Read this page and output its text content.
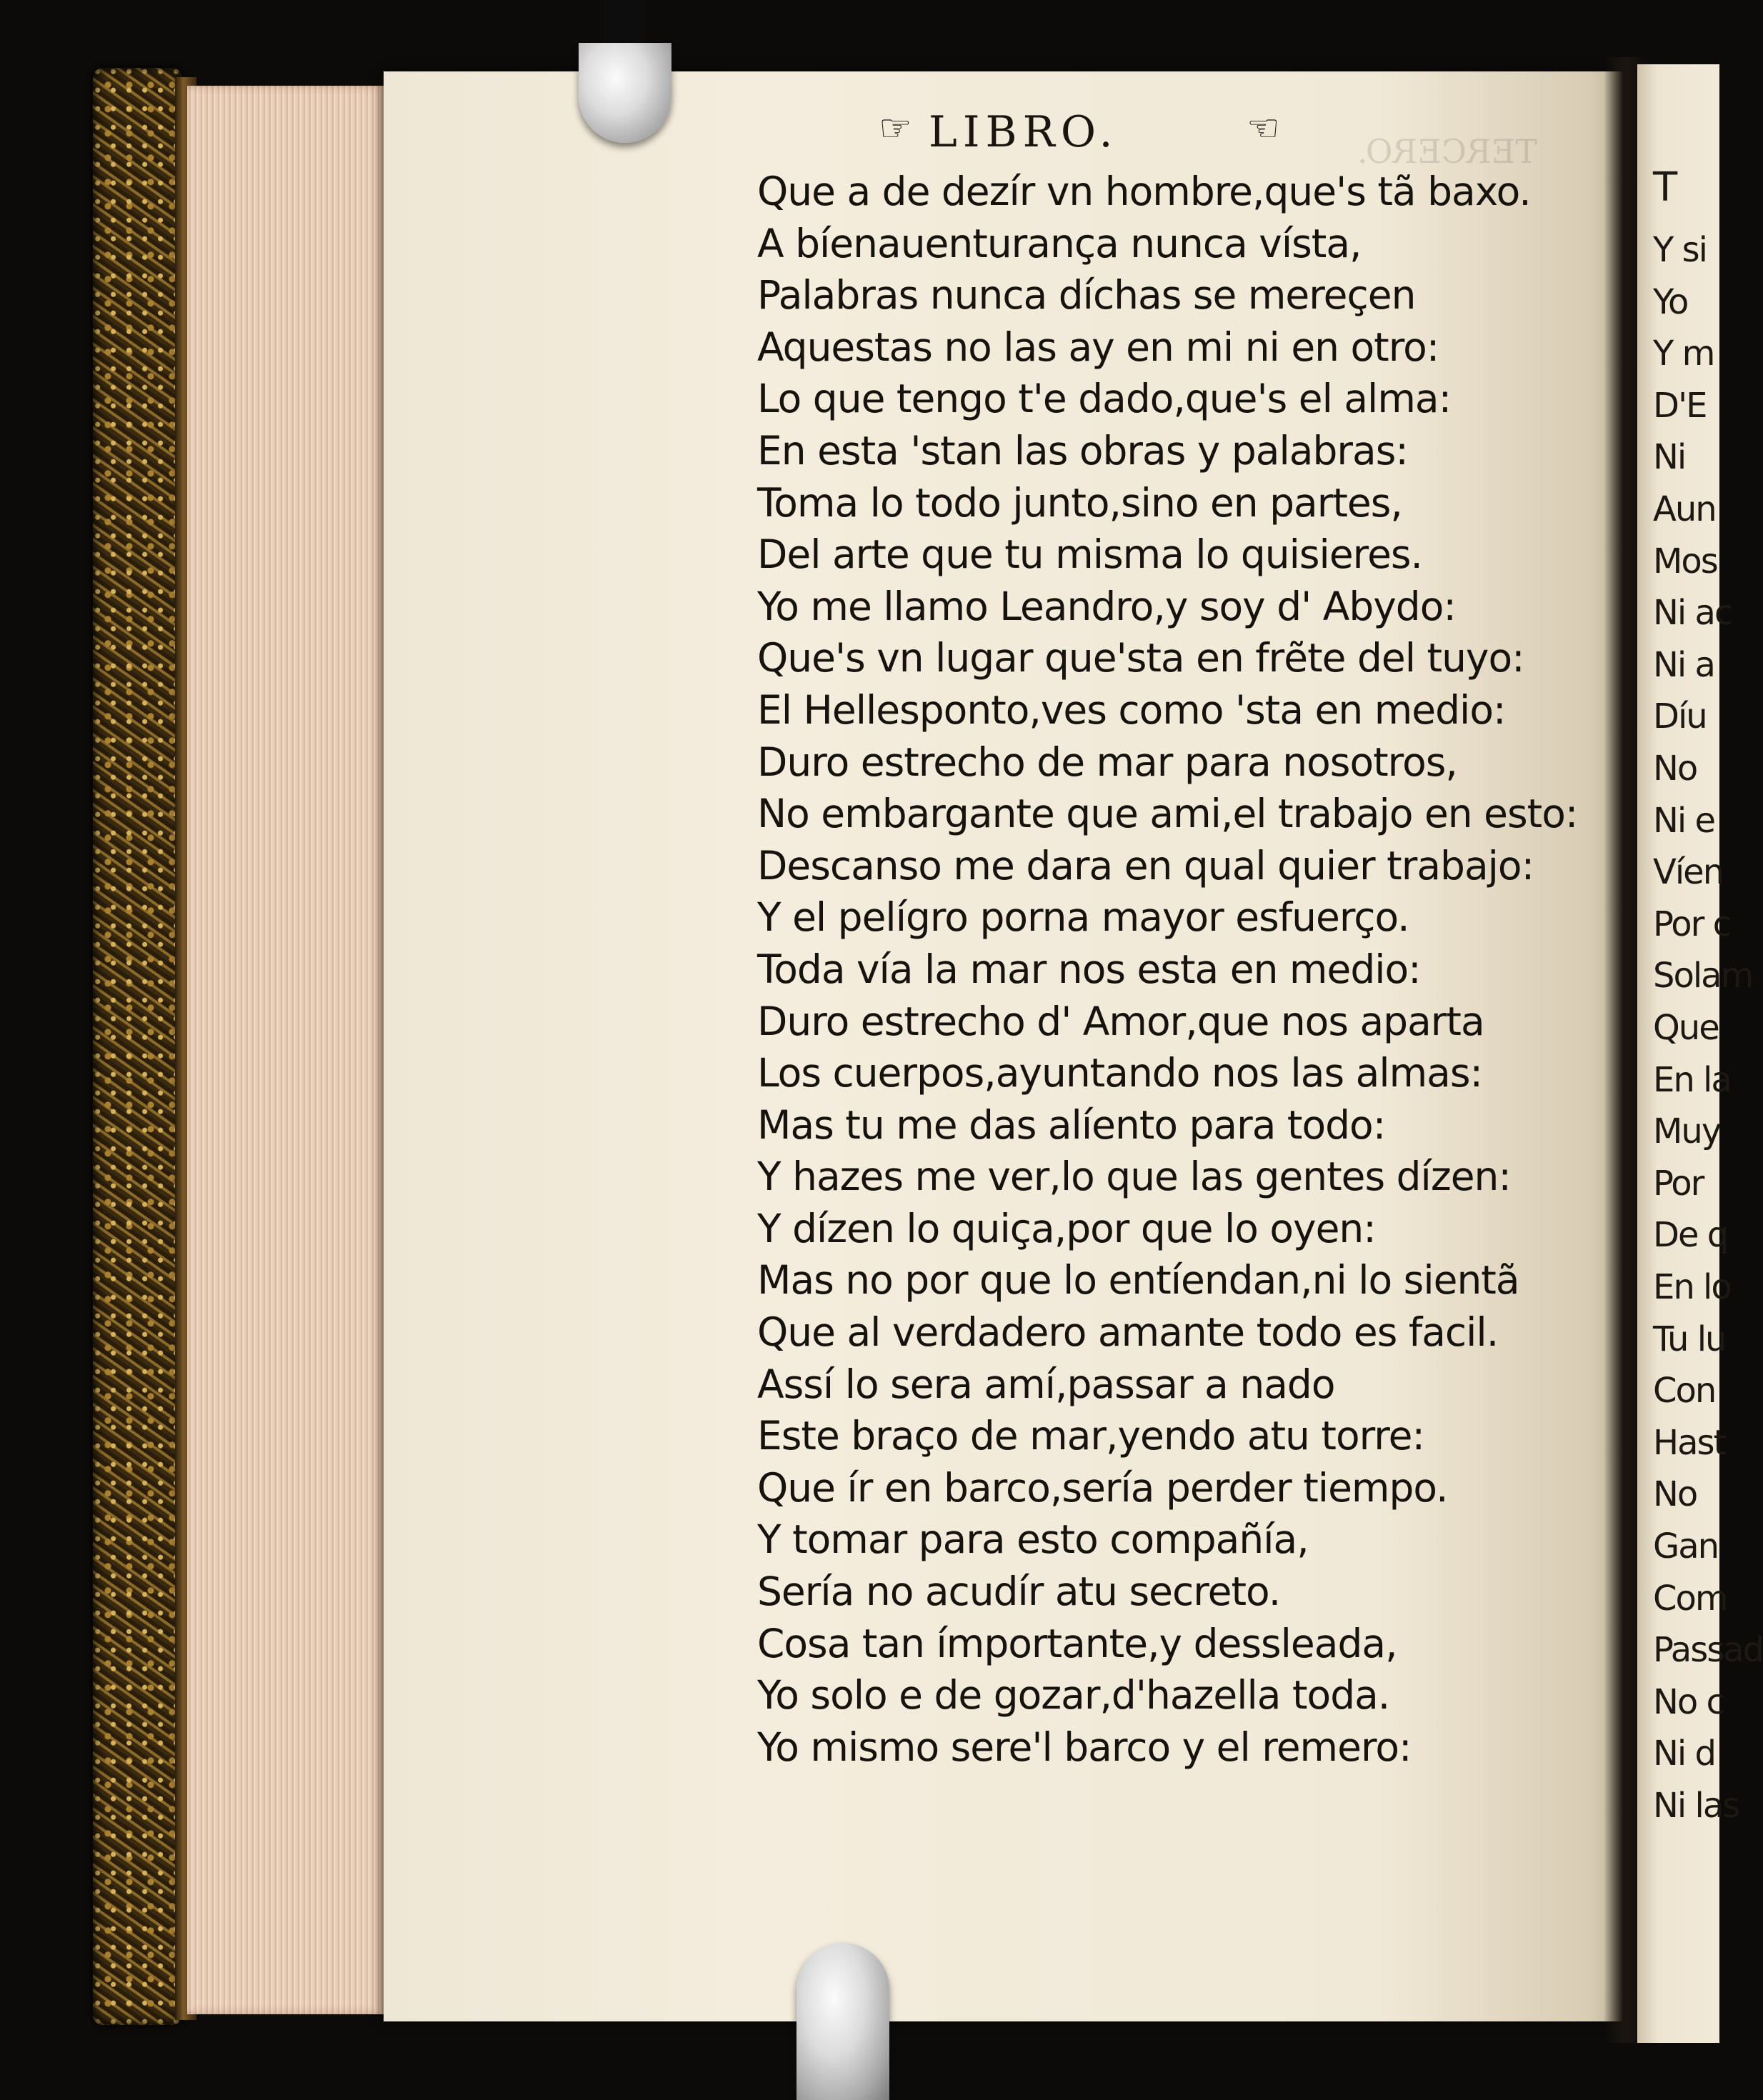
TERCERO.
T
Y si
Yo
Y m
D'E
Ni
Aun
Mos
Ni ac
Ni a
Díu
No
Ni e
Víen
Por c
Solam
Que
En la
Muy
Por
De q
En lo
Tu lu
Con
Hast
No
Gan
Com
Passad
No c
Ni d
Ni las
☞ LIBRO.	☜
Que a de dezír vn hombre,que's tã baxo.
A bíenauenturança nunca vísta,
Palabras nunca díchas se mereçen
Aquestas no las ay en mi ni en otro:
Lo que tengo t'e dado,que's el alma:
En esta 'stan las obras y palabras:
Toma lo todo junto,sino en partes,
Del arte que tu misma lo quisieres.
Yo me llamo Leandro,y soy d' Abydo:
Que's vn lugar que'sta en frẽte del tuyo:
El Hellesponto,ves como 'sta en medio:
Duro estrecho de mar para nosotros,
No embargante que ami,el trabajo en esto:
Descanso me dara en qual quier trabajo:
Y el pelígro porna mayor esfuerço.
Toda vía la mar nos esta en medio:
Duro estrecho d' Amor,que nos aparta
Los cuerpos,ayuntando nos las almas:
Mas tu me das alíento para todo:
Y hazes me ver,lo que las gentes dízen:
Y dízen lo quiça,por que lo oyen:
Mas no por que lo entíendan,ni lo sientã
Que al verdadero amante todo es facil.
Assí lo sera amí,passar a nado
Este braço de mar,yendo atu torre:
Que ír en barco,sería perder tiempo.
Y tomar para esto compañía,
Sería no acudír atu secreto.
Cosa tan ímportante,y dessleada,
Yo solo e de gozar,d'hazella toda.
Yo mismo sere'l barco y el remero:
